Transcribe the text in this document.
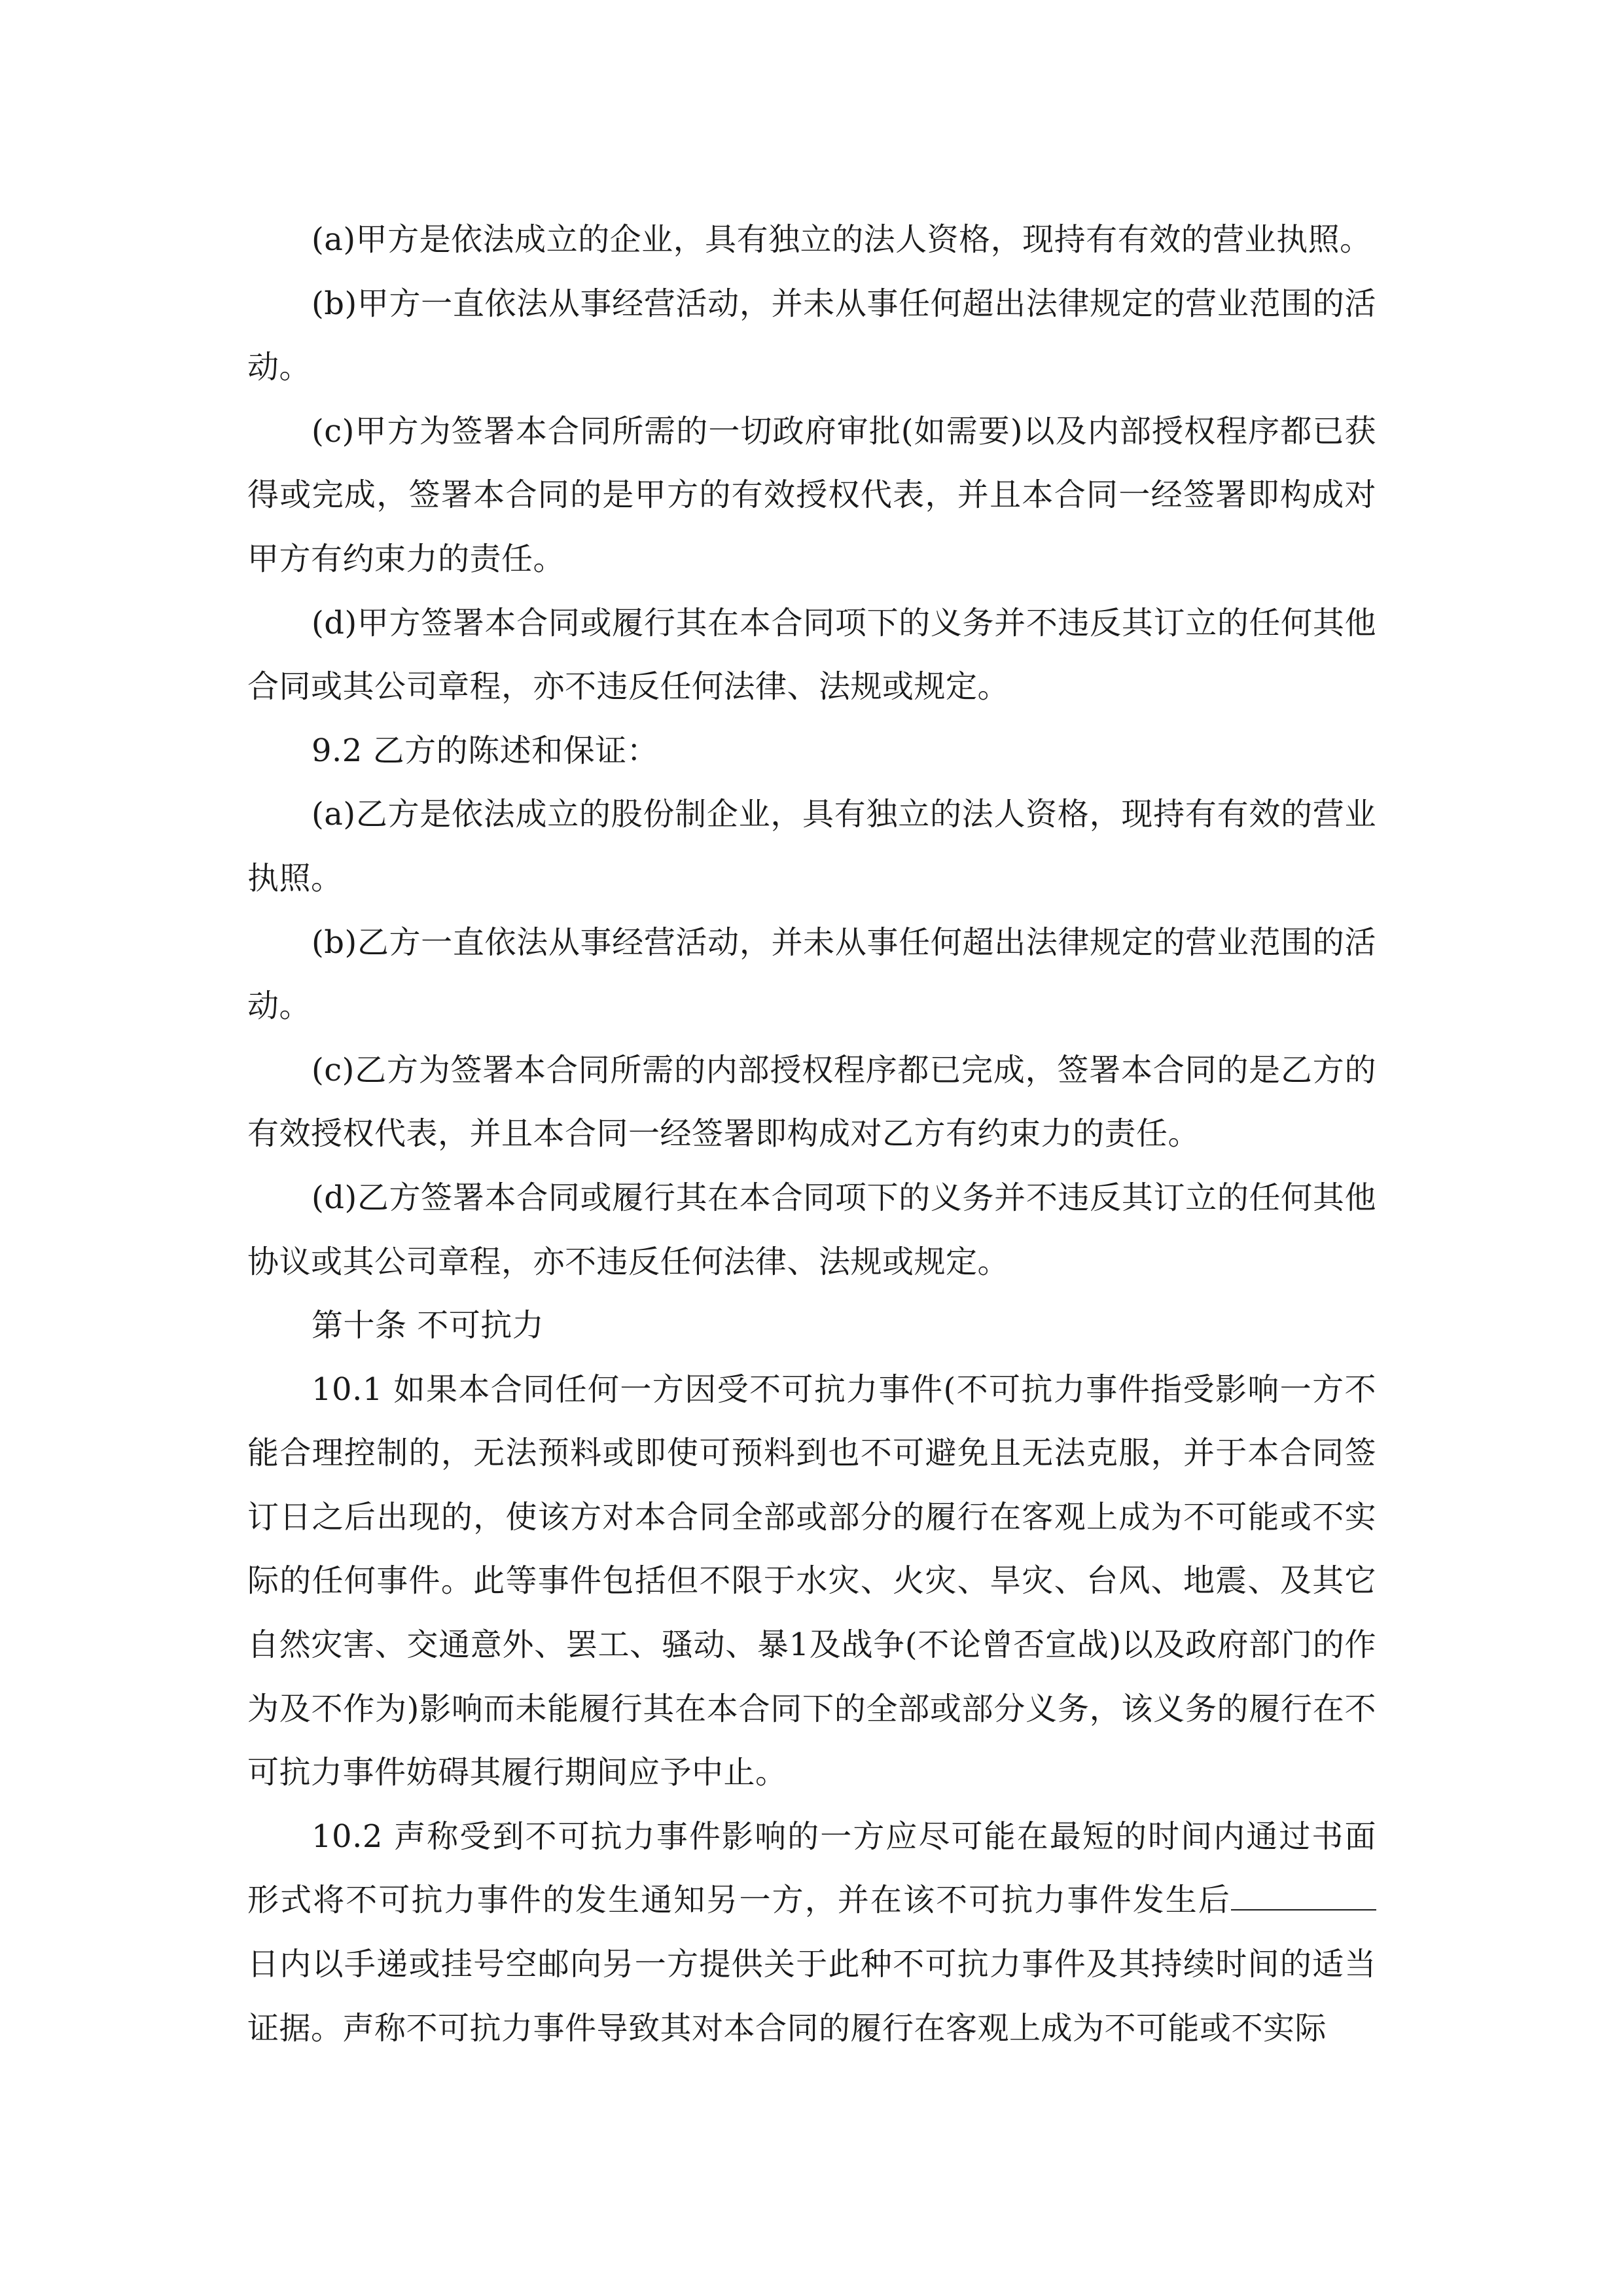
(a)甲方是依法成立的企业，具有独立的法人资格，现持有有效的营业执照。

(b)甲方一直依法从事经营活动，并未从事任何超出法律规定的营业范围的活动。

(c)甲方为签署本合同所需的一切政府审批(如需要)以及内部授权程序都已获得或完成，签署本合同的是甲方的有效授权代表，并且本合同一经签署即构成对甲方有约束力的责任。

(d)甲方签署本合同或履行其在本合同项下的义务并不违反其订立的任何其他合同或其公司章程，亦不违反任何法律、法规或规定。

9.2 乙方的陈述和保证：

(a)乙方是依法成立的股份制企业，具有独立的法人资格，现持有有效的营业执照。

(b)乙方一直依法从事经营活动，并未从事任何超出法律规定的营业范围的活动。

(c)乙方为签署本合同所需的内部授权程序都已完成，签署本合同的是乙方的有效授权代表，并且本合同一经签署即构成对乙方有约束力的责任。

(d)乙方签署本合同或履行其在本合同项下的义务并不违反其订立的任何其他协议或其公司章程，亦不违反任何法律、法规或规定。

第十条 不可抗力

10.1 如果本合同任何一方因受不可抗力事件(不可抗力事件指受影响一方不能合理控制的，无法预料或即使可预料到也不可避免且无法克服，并于本合同签订日之后出现的，使该方对本合同全部或部分的履行在客观上成为不可能或不实际的任何事件。此等事件包括但不限于水灾、火灾、旱灾、台风、地震、及其它自然灾害、交通意外、罢工、骚动、暴1及战争(不论曾否宣战)以及政府部门的作为及不作为)影响而未能履行其在本合同下的全部或部分义务，该义务的履行在不可抗力事件妨碍其履行期间应予中止。

10.2 声称受到不可抗力事件影响的一方应尽可能在最短的时间内通过书面形式将不可抗力事件的发生通知另一方，并在该不可抗力事件发生后日内以手递或挂号空邮向另一方提供关于此种不可抗力事件及其持续时间的适当证据。声称不可抗力事件导致其对本合同的履行在客观上成为不可能或不实际
